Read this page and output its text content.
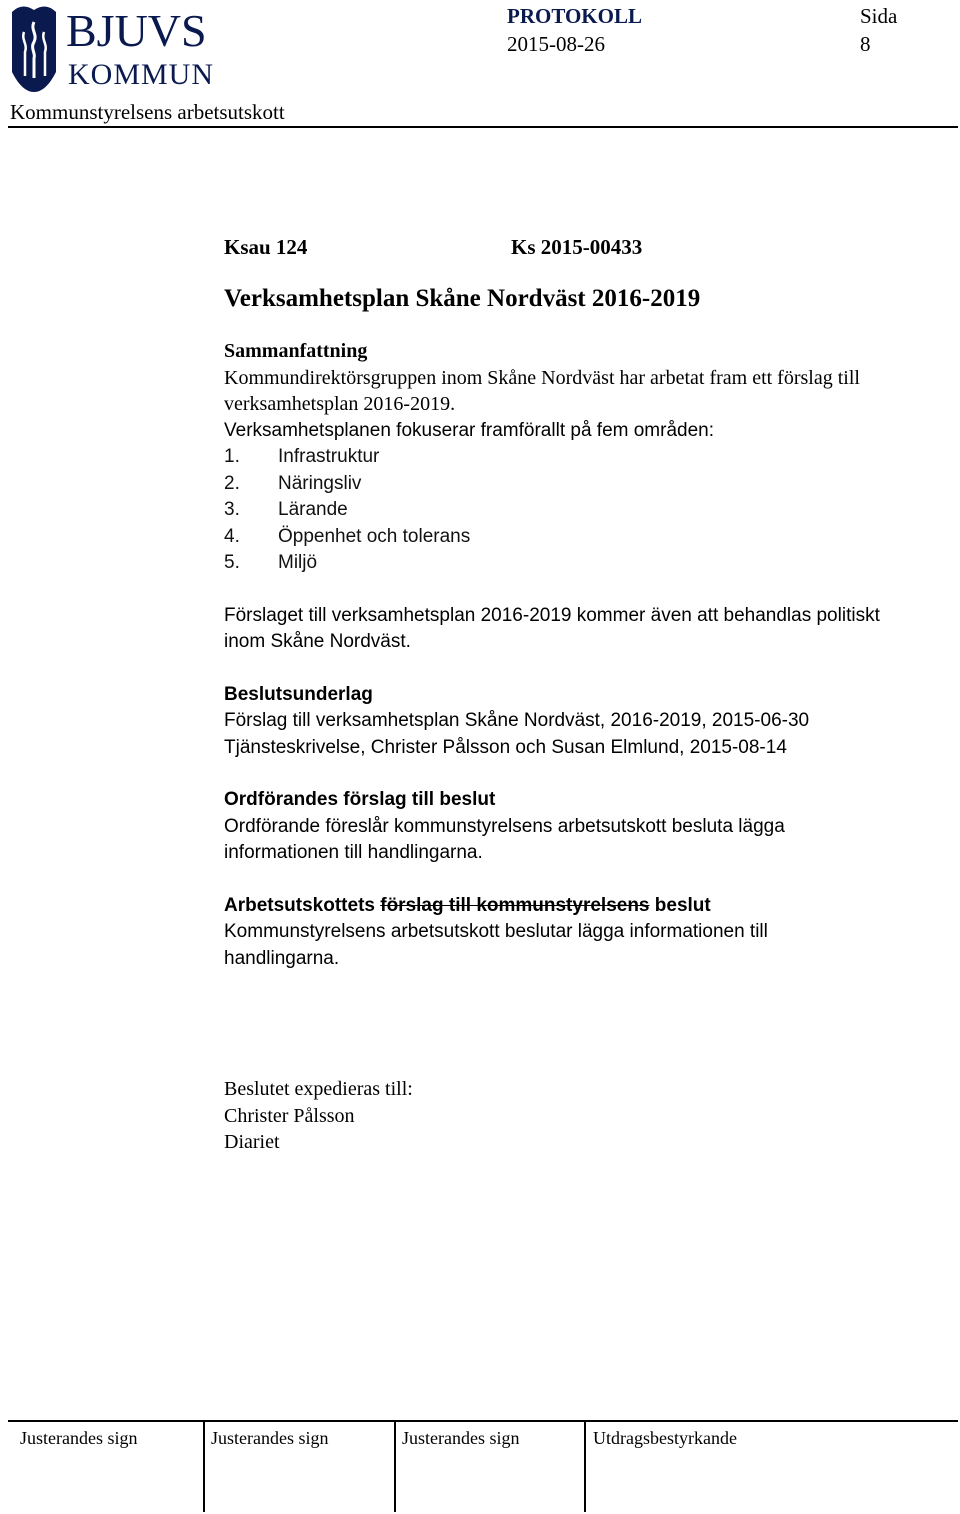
BJUVS
KOMMUN
PROTOKOLL
2015-08-26
Sida
8
Kommunstyrelsens arbetsutskott
Ksau 124	Ks 2015-00433

Verksamhetsplan Skåne Nordväst 2016-2019

Sammanfattning

Kommundirektörsgruppen inom Skåne Nordväst har arbetat fram ett förslag till

verksamhetsplan 2016-2019.

Verksamhetsplanen fokuserar framförallt på fem områden:

1. Infrastruktur
2. Näringsliv
3. Lärande
4. Öppenhet och tolerans
5. Miljö

Förslaget till verksamhetsplan 2016-2019 kommer även att behandlas politiskt

inom Skåne Nordväst.

Beslutsunderlag

Förslag till verksamhetsplan Skåne Nordväst, 2016-2019, 2015-06-30

Tjänsteskrivelse, Christer Pålsson och Susan Elmlund, 2015-08-14

Ordförandes förslag till beslut

Ordförande föreslår kommunstyrelsens arbetsutskott besluta lägga

informationen till handlingarna.

Arbetsutskottets förslag till kommunstyrelsens beslut

Kommunstyrelsens arbetsutskott beslutar lägga informationen till

handlingarna.

Beslutet expedieras till:

Christer Pålsson

Diariet

Justerandes sign	Justerandes sign	Justerandes sign	Utdragsbestyrkande
